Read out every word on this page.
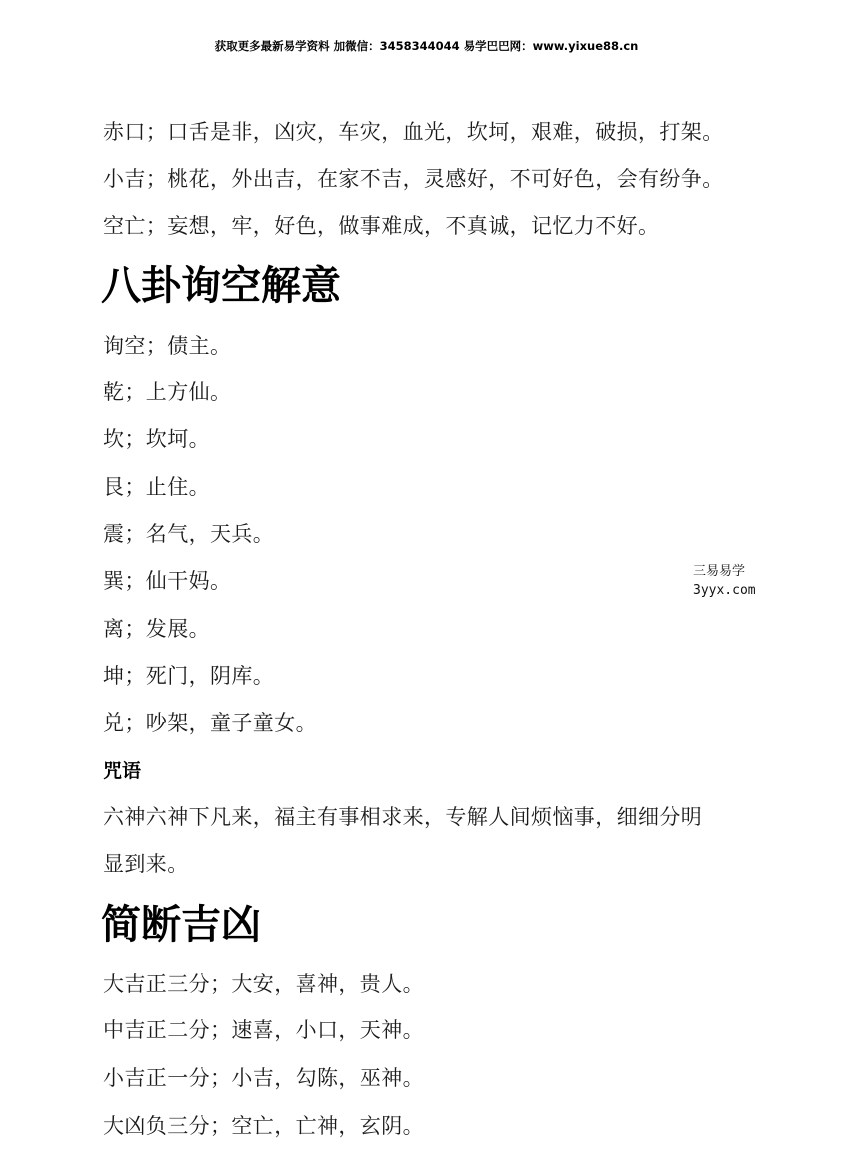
获取更多最新易学资料 加微信：3458344044 易学巴巴网：www.yixue88.cn
赤口；口舌是非，凶灾，车灾，血光，坎坷，艰难，破损，打架。
小吉；桃花，外出吉，在家不吉，灵感好，不可好色，会有纷争。
空亡；妄想，牢，好色，做事难成，不真诚，记忆力不好。
八卦询空解意
询空；债主。
乾；上方仙。
坎；坎坷。
艮；止住。
震；名气，天兵。
巽；仙干妈。
离；发展。
坤；死门，阴库。
兑；吵架，童子童女。
咒语
六神六神下凡来，福主有事相求来，专解人间烦恼事，细细分明
显到来。
简断吉凶
大吉正三分；大安，喜神，贵人。
中吉正二分；速喜，小口，天神。
小吉正一分；小吉，勾陈，巫神。
大凶负三分；空亡，亡神，玄阴。
三易易学
3yyx.com
